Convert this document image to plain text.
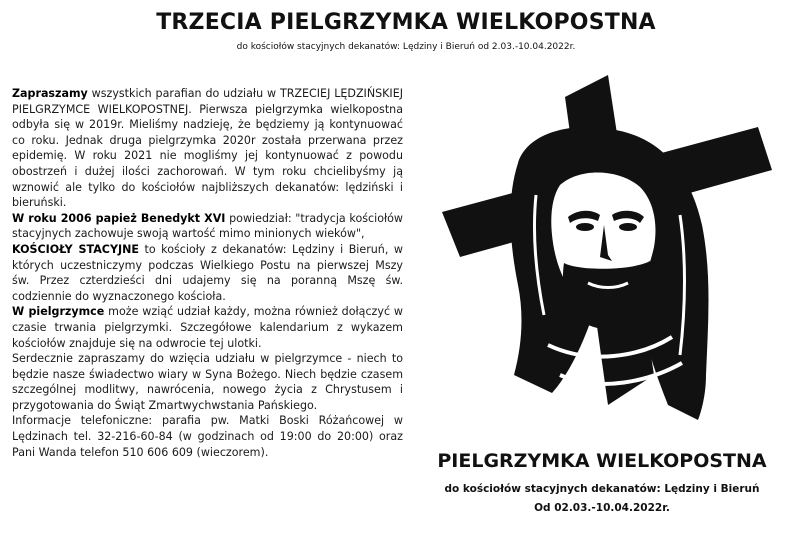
TRZECIA PIELGRZYMKA WIELKOPOSTNA
do kościołów stacyjnych dekanatów: Lędziny i Bieruń od 2.03.-10.04.2022r.

Zapraszamy wszystkich parafian do udziału w TRZECIEJ LĘDZIŃSKIEJ PIELGRZYMCE WIELKOPOSTNEJ. Pierwsza pielgrzymka wielkopostna odbyła się w 2019r. Mieliśmy nadzieję, że będziemy ją kontynuować co roku. Jednak druga pielgrzymka 2020r została przerwana przez epidemię. W roku 2021 nie mogliśmy jej kontynuować z powodu obostrzeń i dużej ilości zachorowań. W tym roku chcielibyśmy ją wznowić ale tylko do kościołów najbliższych dekanatów: lędziński i bieruński.

W roku 2006 papież Benedykt XVI powiedział: "tradycja kościołów stacyjnych zachowuje swoją wartość mimo minionych wieków",

KOŚCIOŁY STACYJNE to kościoły z dekanatów: Lędziny i Bieruń, w których uczestniczymy podczas Wielkiego Postu na pierwszej Mszy św. Przez czterdzieści dni udajemy się na poranną Mszę św. codziennie do wyznaczonego kościoła.

W pielgrzymce może wziąć udział każdy, można również dołączyć w czasie trwania pielgrzymki. Szczegółowe kalendarium z wykazem kościołów znajduje się na odwrocie tej ulotki.

Serdecznie zapraszamy do wzięcia udziału w pielgrzymce - niech to będzie nasze świadectwo wiary w Syna Bożego. Niech będzie czasem szczególnej modlitwy, nawrócenia, nowego życia z Chrystusem i przygotowania do Świąt Zmartwychwstania Pańskiego.

Informacje telefoniczne: parafia pw. Matki Boski Różańcowej w Lędzinach tel. 32-216-60-84 (w godzinach od 19:00 do 20:00) oraz Pani Wanda telefon 510 606 609 (wieczorem).	PIELGRZYMKA WIELKOPOSTNA
do kościołów stacyjnych dekanatów: Lędziny i Bieruń
Od 02.03.-10.04.2022r.
